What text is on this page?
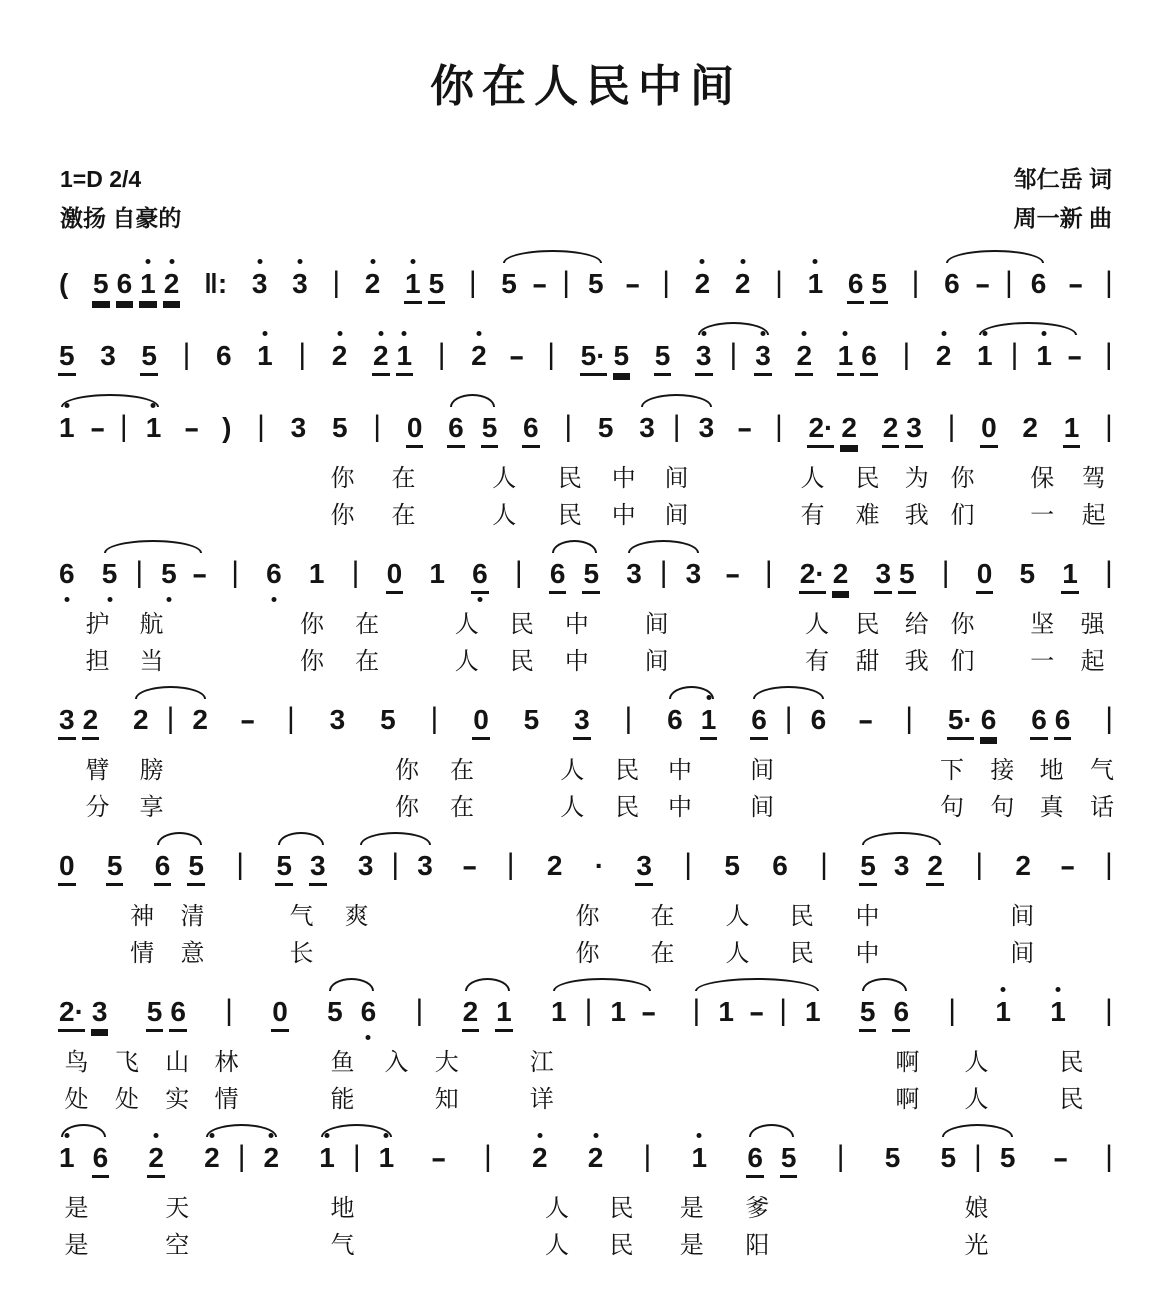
你在人民中间
1=D 2/4
激扬 自豪的
邹仁岳 词
周一新 曲
( 5 6 1 2 ‖: 3 3 | 2 1 5 | 5 - | 5 - | 2 2 | 1 6 5 | 6 - | 6 - |
5 3 5 | 6 1 | 2 2 1 | 2 - | 5· 5 5 3 | 3 2 1 6 | 2 1 | 1 - |
1 - | 1 - ) | 3 5 | 0 6 5 6 | 5 3 | 3 - | 2· 2 2 3 | 0 2 1 |
你 在	人 民 中 间	人 民 为 你 保 驾
你 在	人 民 中 间	有 难 我 们 一 起
6 5 | 5 - | 6 1 | 0 1 6 | 6 5 3 | 3 - | 2· 2 3 5 | 0 5 1 |
护 航	你 在	人 民 中 间	人 民 给 你 坚 强
担 当	你 在	人 民 中 间	有 甜 我 们 一 起
3 2 2 | 2 - | 3 5 | 0 5 3 | 6 1 6 | 6 - | 5· 6 6 6 |
臂 膀	你 在	人 民 中 间	下 接 地 气
分 享	你 在	人 民 中 间	句 句 真 话
0 5 6 5 | 5 3 3 | 3 - | 2 · 3 | 5 6 | 5 3 2 | 2 - |
神 清	气 爽	你 在 人 民 中	间
情 意	长	你 在 人 民 中	间
2· 3 5 6 | 0 5 6 | 2 1 1 | 1 - | 1 - | 1 5 6 | 1 1 |
鸟 飞 山 林	鱼 入 大	江	啊 人	民
处 处 实 情	能	知	详	啊 人	民
1 6 2 2 | 2 1 | 1 - | 2 2 | 1 6 5 | 5 5 | 5 - |
是	天	地	人 民 是 爹	娘
是	空	气	人 民 是 阳	光
